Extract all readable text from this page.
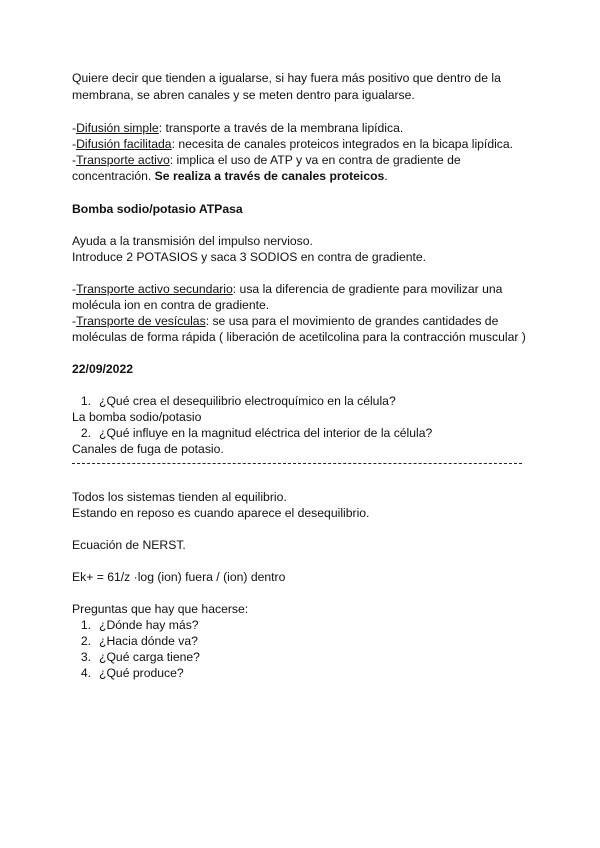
Quiere decir que tienden a igualarse, si hay fuera más positivo que dentro de la
membrana, se abren canales y se meten dentro para igualarse.
-Difusión simple: transporte a través de la membrana lipídica.
-Difusión facilitada: necesita de canales proteicos integrados en la bicapa lipídica.
-Transporte activo: implica el uso de ATP y va en contra de gradiente de
concentración. Se realiza a través de canales proteicos.
Bomba sodio/potasio ATPasa
Ayuda a la transmisión del impulso nervioso.
Introduce 2 POTASIOS y saca 3 SODIOS en contra de gradiente.
-Transporte activo secundario: usa la diferencia de gradiente para movilizar una
molécula ion en contra de gradiente.
-Transporte de vesículas: se usa para el movimiento de grandes cantidades de
moléculas de forma rápida ( liberación de acetilcolina para la contracción muscular )
22/09/2022
1. ¿Qué crea el desequilibrio electroquímico en la célula?
La bomba sodio/potasio
2. ¿Qué influye en la magnitud eléctrica del interior de la célula?
Canales de fuga de potasio.
Todos los sistemas tienden al equilibrio.
Estando en reposo es cuando aparece el desequilibrio.
Ecuación de NERST.
Ek+ = 61/z ·log (ion) fuera / (ion) dentro
Preguntas que hay que hacerse:
1. ¿Dónde hay más?
2. ¿Hacia dónde va?
3. ¿Qué carga tiene?
4. ¿Qué produce?
